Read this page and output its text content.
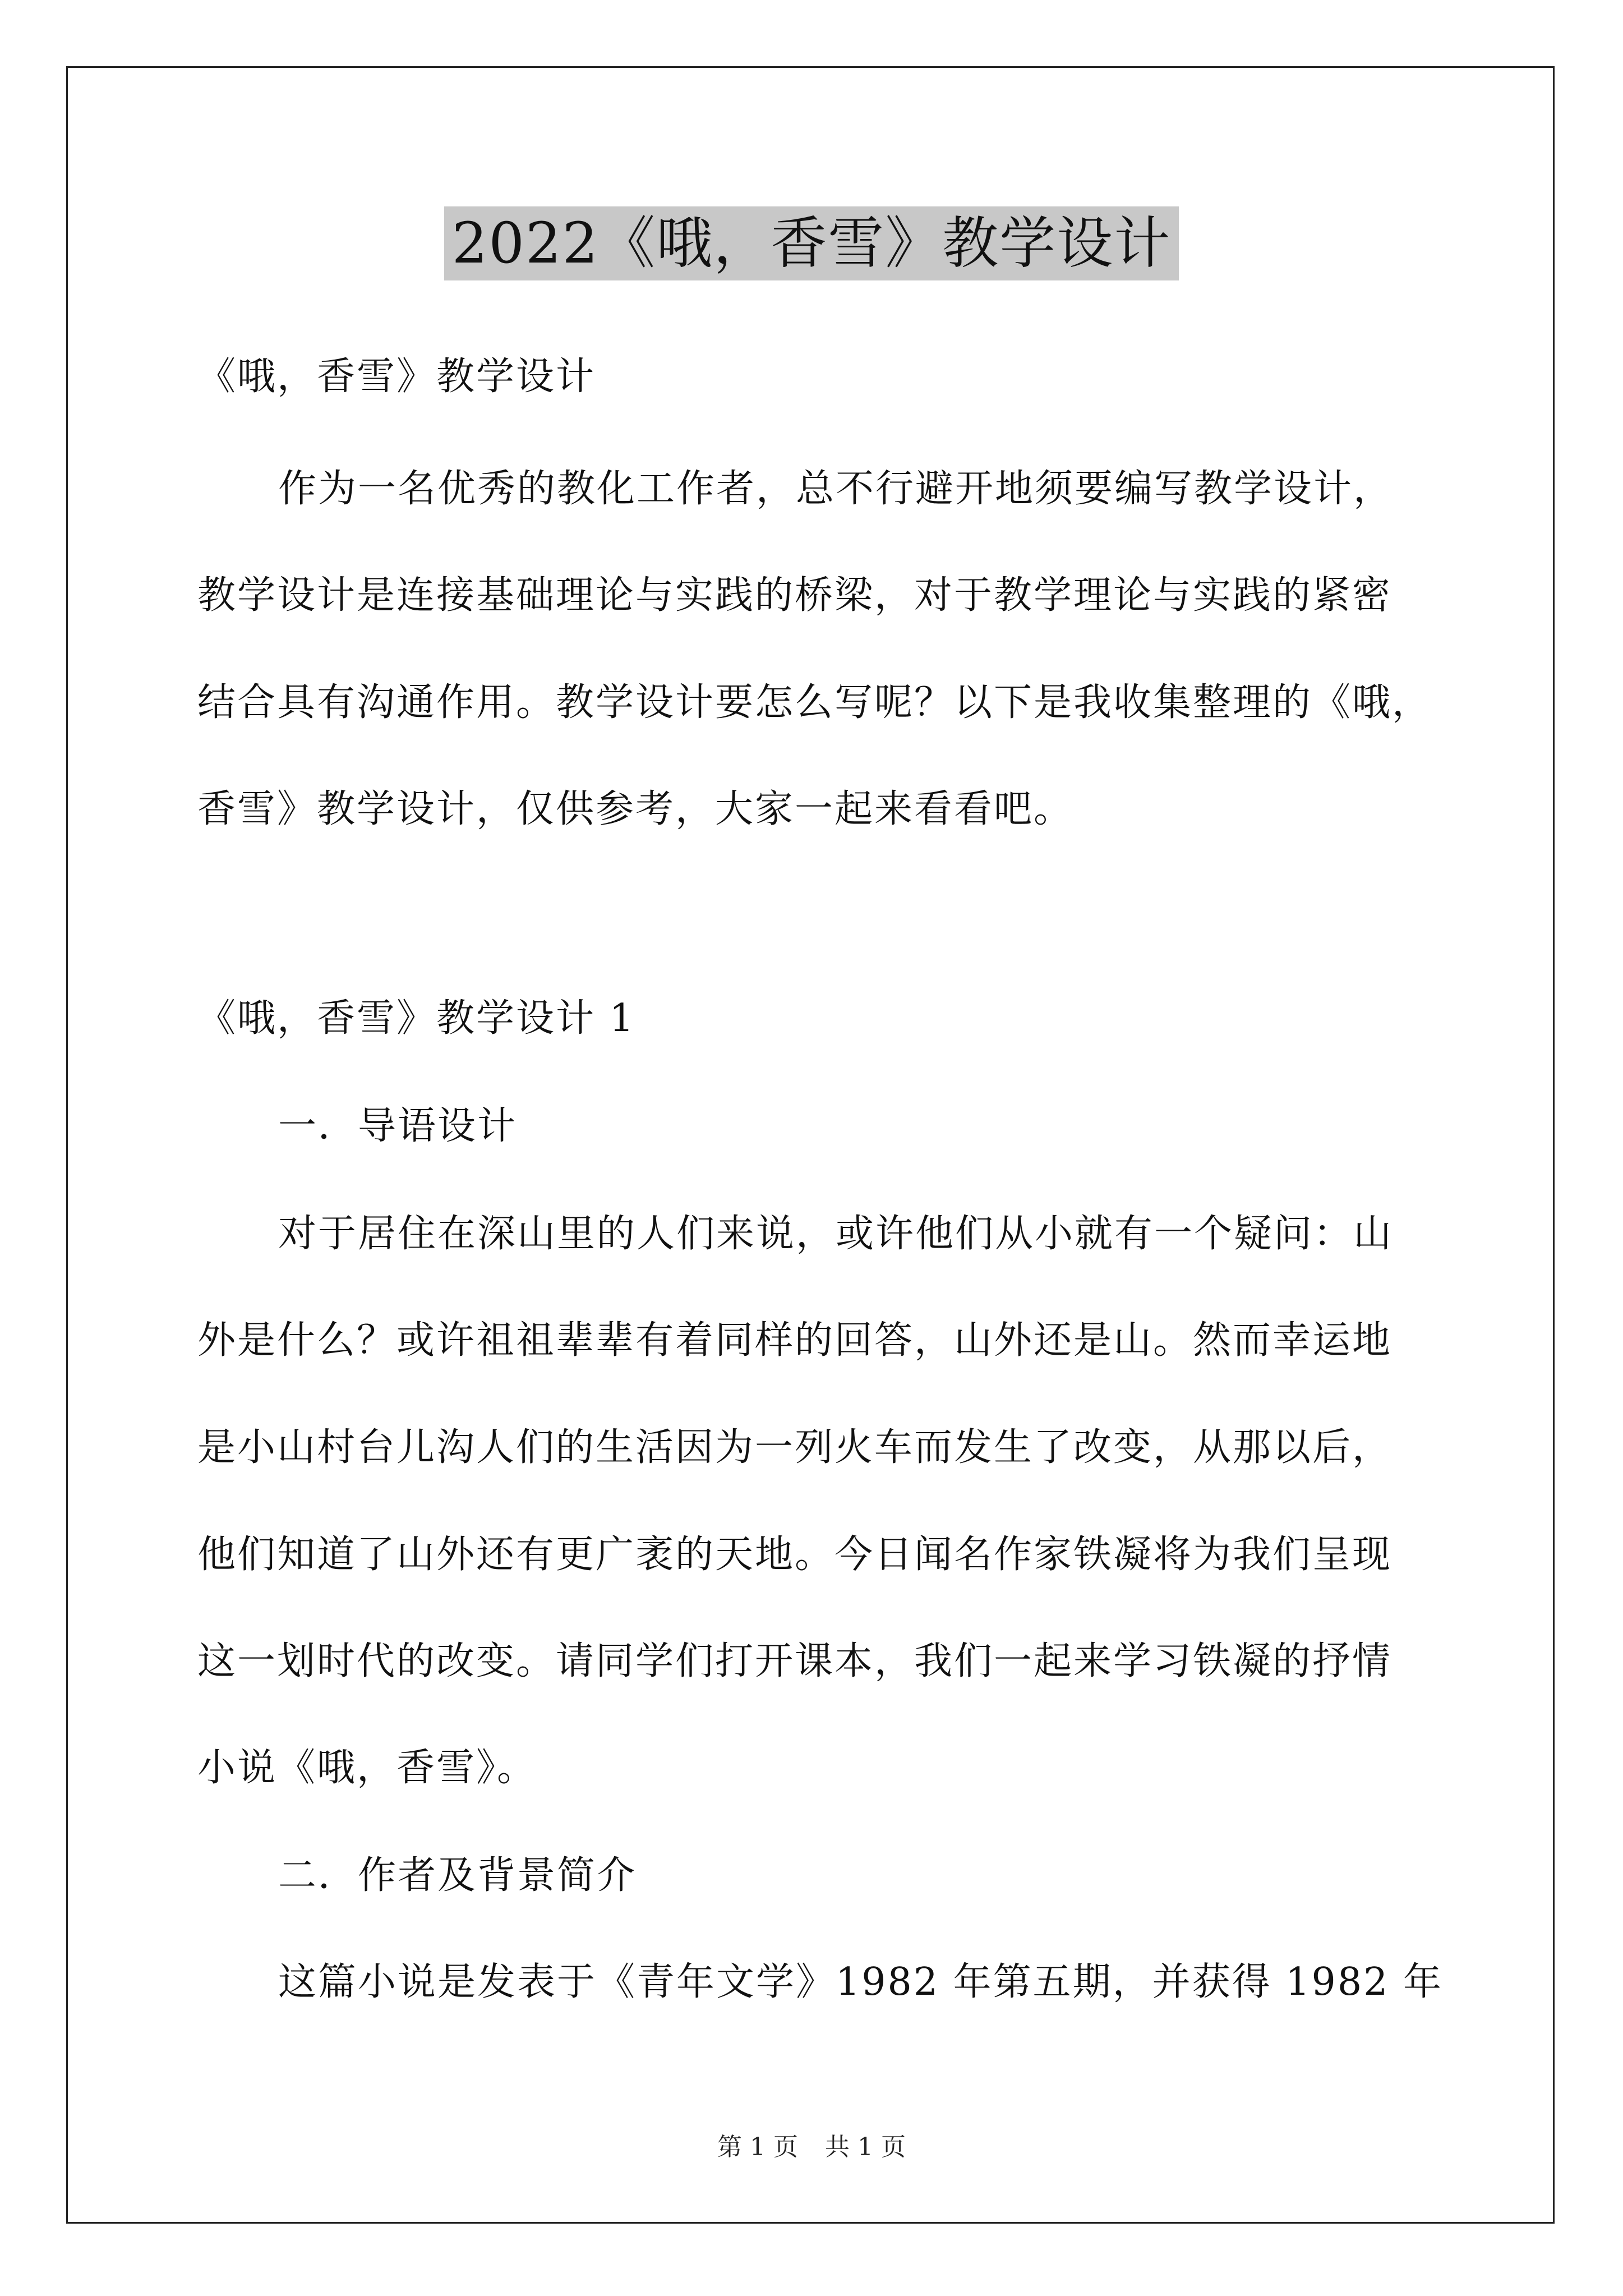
2022《哦，香雪》教学设计
《哦，香雪》教学设计
作为一名优秀的教化工作者，总不行避开地须要编写教学设计，
教学设计是连接基础理论与实践的桥梁，对于教学理论与实践的紧密
结合具有沟通作用。教学设计要怎么写呢？以下是我收集整理的《哦，
香雪》教学设计，仅供参考，大家一起来看看吧。
《哦，香雪》教学设计 1
一．导语设计
对于居住在深山里的人们来说，或许他们从小就有一个疑问：山
外是什么？或许祖祖辈辈有着同样的回答，山外还是山。然而幸运地
是小山村台儿沟人们的生活因为一列火车而发生了改变，从那以后，
他们知道了山外还有更广袤的天地。今日闻名作家铁凝将为我们呈现
这一划时代的改变。请同学们打开课本，我们一起来学习铁凝的抒情
小说《哦，香雪》。
二．作者及背景简介
这篇小说是发表于《青年文学》1982 年第五期，并获得 1982 年
第 1 页 共 1 页
